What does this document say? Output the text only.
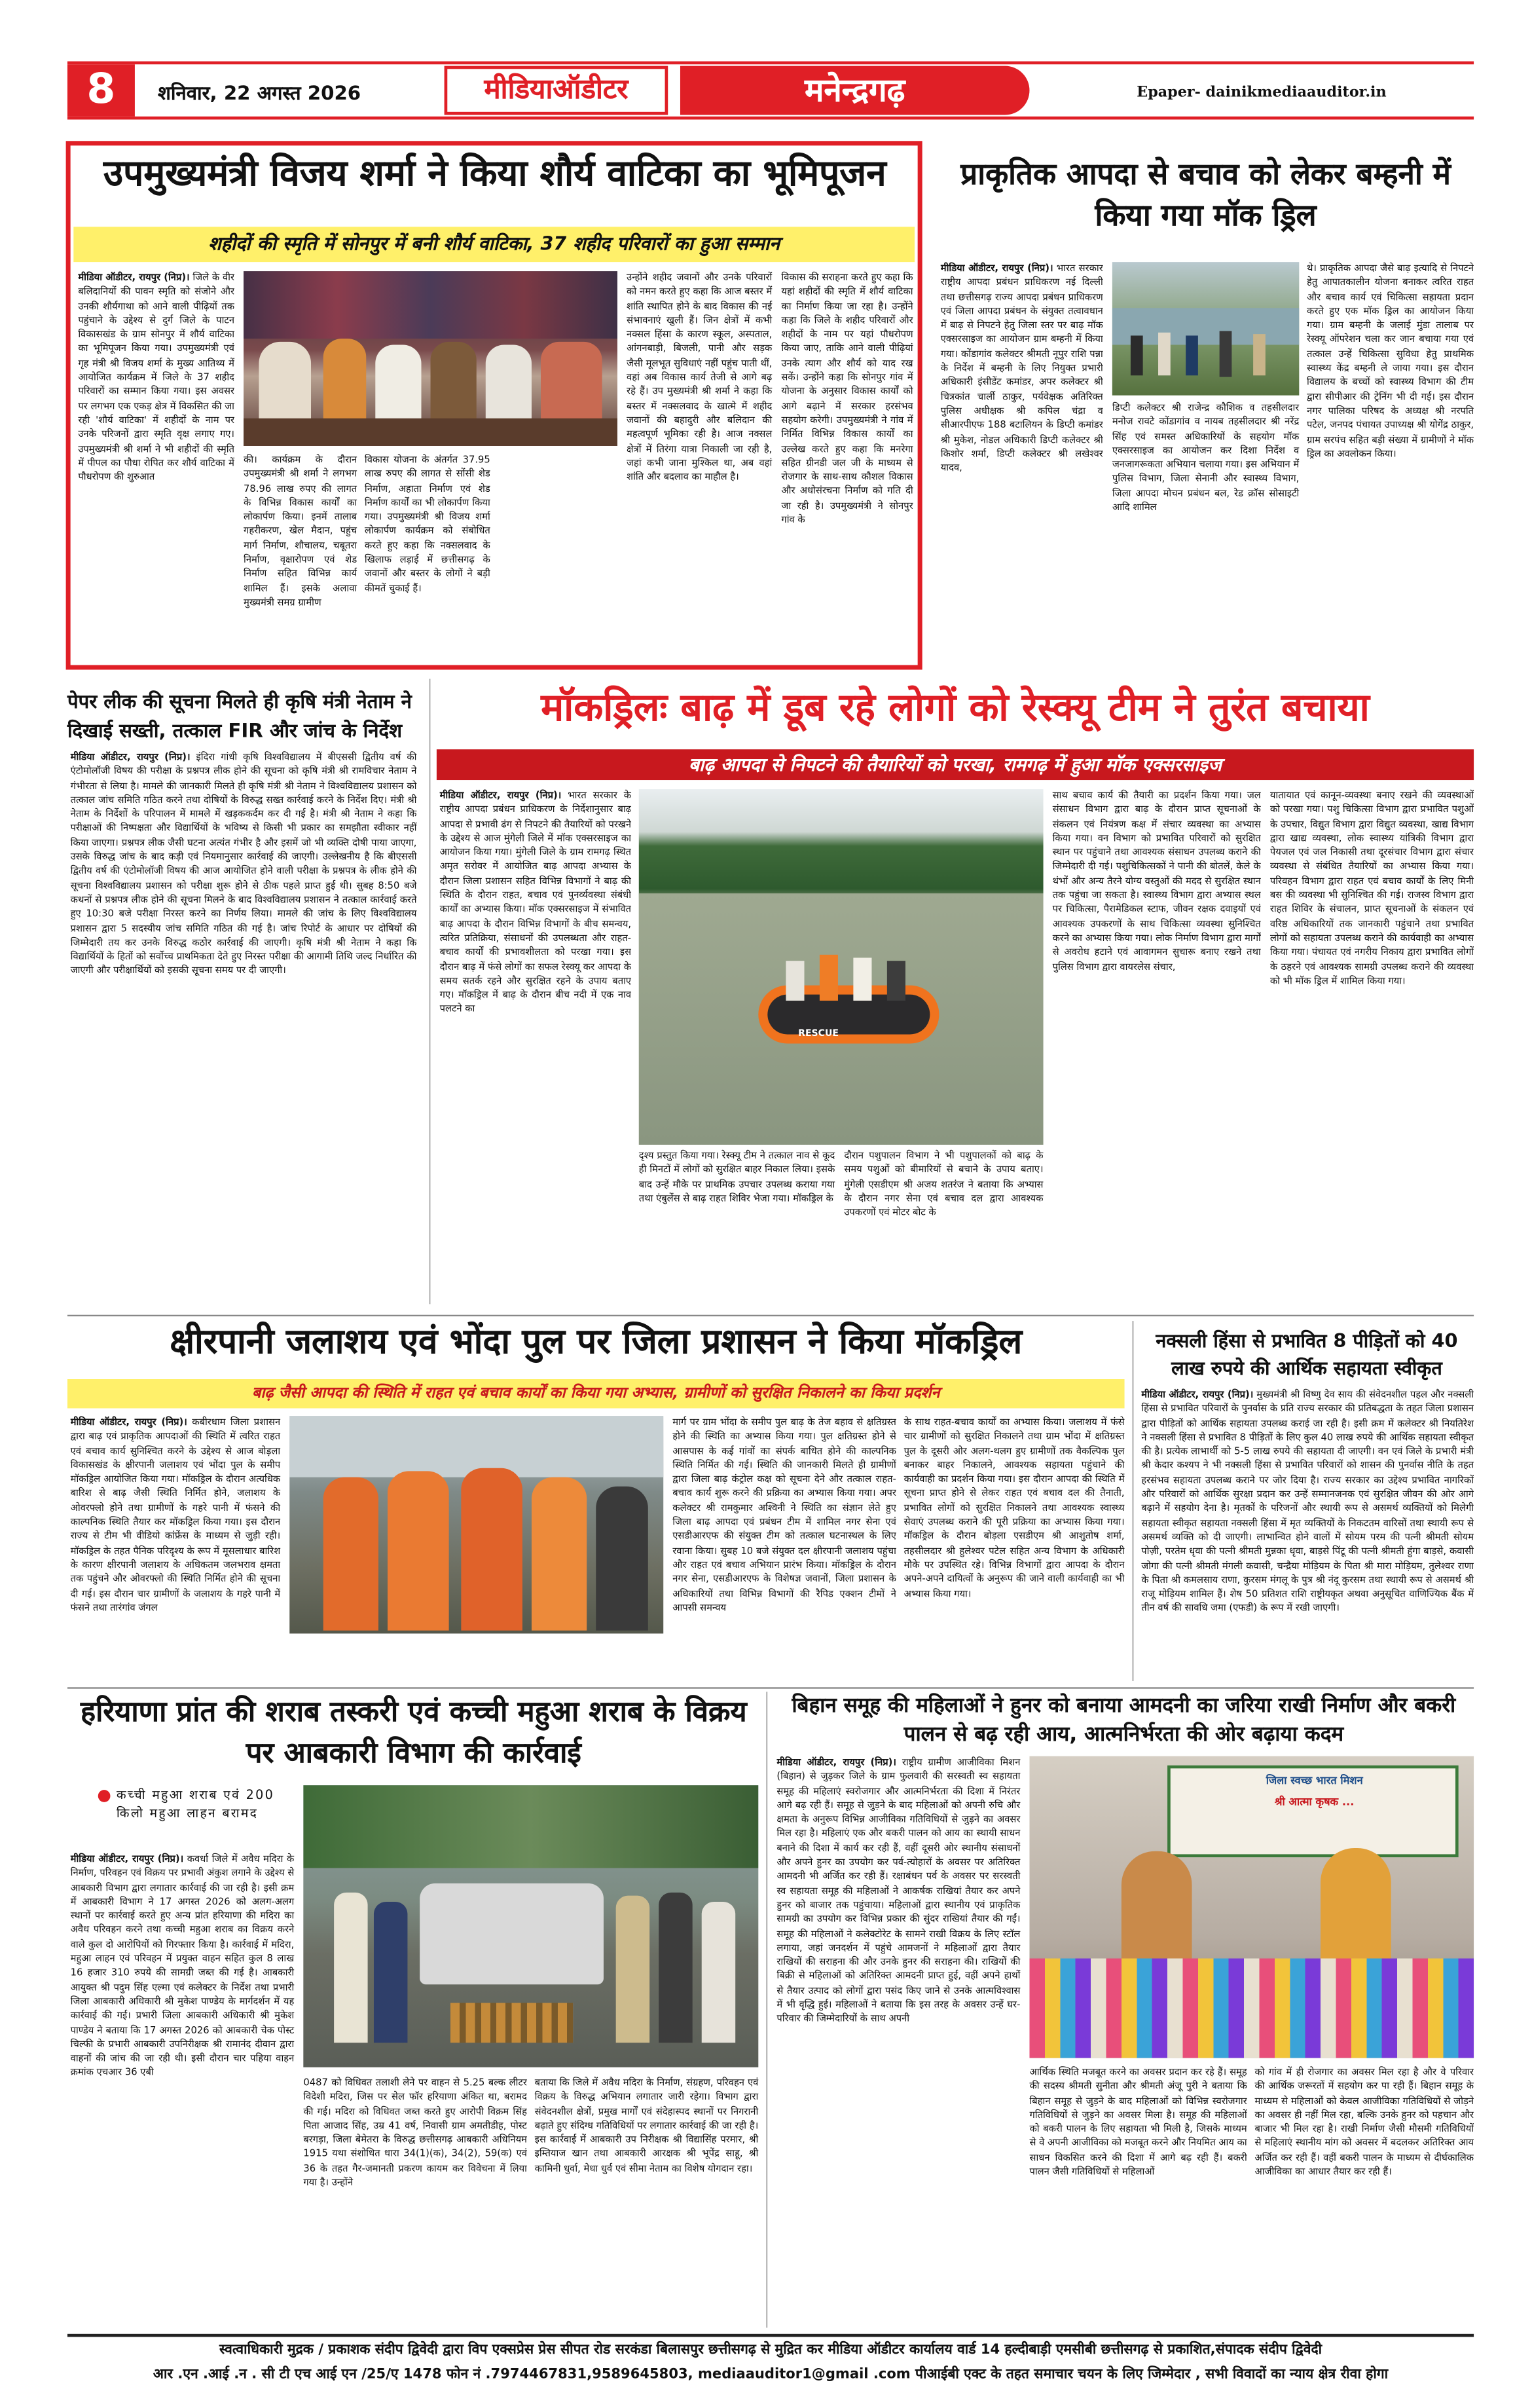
8	शनिवार, 22 अगस्त 2026	मीडियाऑडीटर	मनेन्द्रगढ़	Epaper- dainikmediaauditor.in
उपमुख्यमंत्री विजय शर्मा ने किया शौर्य वाटिका का भूमिपूजन
शहीदों की स्मृति में सोनपुर में बनी शौर्य वाटिका, 37 शहीद परिवारों का हुआ सम्मान
मीडिया ऑडीटर, रायपुर (निप्र)। जिले के वीर बलिदानियों की पावन स्मृति को संजोने और उनकी शौर्यगाथा को आने वाली पीढ़ियों तक पहुंचाने के उद्देश्य से दुर्ग जिले के पाटन विकासखंड के ग्राम सोनपुर में शौर्य वाटिका का भूमिपूजन किया गया। उपमुख्यमंत्री एवं गृह मंत्री श्री विजय शर्मा के मुख्य आतिथ्य में आयोजित कार्यक्रम में जिले के 37 शहीद परिवारों का सम्मान किया गया। इस अवसर पर लगभग एक एकड़ क्षेत्र में विकसित की जा रही 'शौर्य वाटिका' में शहीदों के नाम पर उनके परिजनों द्वारा स्मृति वृक्ष लगाए गए। उपमुख्यमंत्री श्री शर्मा ने भी शहीदों की स्मृति में पीपल का पौधा रोपित कर शौर्य वाटिका में पौधरोपण की शुरुआत
की। कार्यक्रम के दौरान उपमुख्यमंत्री श्री शर्मा ने लगभग 78.96 लाख रुपए की लागत के विभिन्न विकास कार्यों का लोकार्पण किया। इनमें तालाब गहरीकरण, खेल मैदान, पहुंच मार्ग निर्माण, शौचालय, चबूतरा निर्माण, वृक्षारोपण एवं शेड निर्माण सहित विभिन्न कार्य शामिल हैं। इसके अलावा मुख्यमंत्री समग्र ग्रामीण
विकास योजना के अंतर्गत 37.95 लाख रुपए की लागत से सोंसी शेड निर्माण, अहाता निर्माण एवं शेड निर्माण कार्यों का भी लोकार्पण किया गया। उपमुख्यमंत्री श्री विजय शर्मा लोकार्पण कार्यक्रम को संबोधित करते हुए कहा कि नक्सलवाद के खिलाफ लड़ाई में छत्तीसगढ़ के जवानों और बस्तर के लोगों ने बड़ी कीमतें चुकाई हैं।
उन्होंने शहीद जवानों और उनके परिवारों को नमन करते हुए कहा कि आज बस्तर में शांति स्थापित होने के बाद विकास की नई संभावनाएं खुली हैं। जिन क्षेत्रों में कभी नक्सल हिंसा के कारण स्कूल, अस्पताल, आंगनबाड़ी, बिजली, पानी और सड़क जैसी मूलभूत सुविधाएं नहीं पहुंच पाती थीं, वहां अब विकास कार्य तेजी से आगे बढ़ रहे हैं। उप मुख्यमंत्री श्री शर्मा ने कहा कि बस्तर में नक्सलवाद के खात्मे में शहीद जवानों की बहादुरी और बलिदान की महत्वपूर्ण भूमिका रही है। आज नक्सल क्षेत्रों में तिरंगा यात्रा निकाली जा रही है, जहां कभी जाना मुश्किल था, अब वहां शांति और बदलाव का माहौल है।
विकास की सराहना करते हुए कहा कि यहां शहीदों की स्मृति में शौर्य वाटिका का निर्माण किया जा रहा है। उन्होंने कहा कि जिले के शहीद परिवारों और शहीदों के नाम पर यहां पौधरोपण किया जाए, ताकि आने वाली पीढ़ियां उनके त्याग और शौर्य को याद रख सकें। उन्होंने कहा कि सोनपुर गांव में योजना के अनुसार विकास कार्यों को आगे बढ़ाने में सरकार हरसंभव सहयोग करेगी। उपमुख्यमंत्री ने गांव में निर्मित विभिन्न विकास कार्यों का उल्लेख करते हुए कहा कि मनरेगा सहित ग्रीनडी जल जी के माध्यम से रोजगार के साथ-साथ कौशल विकास और अधोसंरचना निर्माण को गति दी जा रही है। उपमुख्यमंत्री ने सोनपुर गांव के
प्राकृतिक आपदा से बचाव को लेकर बम्हनी में किया गया मॉक ड्रिल
मीडिया ऑडीटर, रायपुर (निप्र)। भारत सरकार राष्ट्रीय आपदा प्रबंधन प्राधिकरण नई दिल्ली तथा छत्तीसगढ़ राज्य आपदा प्रबंधन प्राधिकरण एवं जिला आपदा प्रबंधन के संयुक्त तत्वावधान में बाढ़ से निपटने हेतु जिला स्तर पर बाढ़ मॉक एक्सरसाइज का आयोजन ग्राम बम्हनी में किया गया। कोंडागांव कलेक्टर श्रीमती नूपुर राशि पन्ना के निर्देश में बम्हनी के लिए नियुक्त प्रभारी अधिकारी इंसीडेंट कमांडर, अपर कलेक्टर श्री चित्रकांत चार्ली ठाकुर, पर्यवेक्षक अतिरिक्त पुलिस अधीक्षक श्री कपिल चंद्रा व सीआरपीएफ 188 बटालियन के डिप्टी कमांडर श्री मुकेश, नोडल अधिकारी डिप्टी कलेक्टर श्री किशोर शर्मा, डिप्टी कलेक्टर श्री लखेश्वर यादव,
डिप्टी कलेक्टर श्री राजेन्द्र कौशिक व तहसीलदार मनोज रावटे कोंडागांव व नायब तहसीलदार श्री नरेंद्र सिंह एवं समस्त अधिकारियों के सहयोग मॉक एक्सरसाइज का आयोजन कर दिशा निर्देश व जनजागरूकता अभियान चलाया गया। इस अभियान में पुलिस विभाग, जिला सेनानी और स्वास्थ्य विभाग, जिला आपदा मोचन प्रबंधन बल, रेड क्रॉस सोसाइटी आदि शामिल
थे। प्राकृतिक आपदा जैसे बाढ़ इत्यादि से निपटने हेतु आपातकालीन योजना बनाकर त्वरित राहत और बचाव कार्य एवं चिकित्सा सहायता प्रदान करते हुए एक मॉक ड्रिल का आयोजन किया गया। ग्राम बम्हनी के जलाई मुंडा तालाब पर रेस्क्यू ऑपरेशन चला कर जान बचाया गया एवं तत्काल उन्हें चिकित्सा सुविधा हेतु प्राथमिक स्वास्थ्य केंद्र बम्हनी ले जाया गया। इस दौरान विद्यालय के बच्चों को स्वास्थ्य विभाग की टीम द्वारा सीपीआर की ट्रेनिंग भी दी गई। इस दौरान नगर पालिका परिषद के अध्यक्ष श्री नरपति पटेल, जनपद पंचायत उपाध्यक्ष श्री योगेंद्र ठाकुर, ग्राम सरपंच सहित बड़ी संख्या में ग्रामीणों ने मॉक ड्रिल का अवलोकन किया।
पेपर लीक की सूचना मिलते ही कृषि मंत्री नेताम ने दिखाई सख्ती, तत्काल FIR और जांच के निर्देश
मीडिया ऑडीटर, रायपुर (निप्र)। इंदिरा गांधी कृषि विश्वविद्यालय में बीएससी द्वितीय वर्ष की एंटोमोलॉजी विषय की परीक्षा के प्रश्नपत्र लीक होने की सूचना को कृषि मंत्री श्री रामविचार नेताम ने गंभीरता से लिया है। मामले की जानकारी मिलते ही कृषि मंत्री श्री नेताम ने विश्वविद्यालय प्रशासन को तत्काल जांच समिति गठित करने तथा दोषियों के विरुद्ध सख्त कार्रवाई करने के निर्देश दिए। मंत्री श्री नेताम के निर्देशों के परिपालन में मामले में खड़ककर्दम कर दी गई है। मंत्री श्री नेताम ने कहा कि परीक्षाओं की निष्पक्षता और विद्यार्थियों के भविष्य से किसी भी प्रकार का समझौता स्वीकार नहीं किया जाएगा। प्रश्नपत्र लीक जैसी घटना अत्यंत गंभीर है और इसमें जो भी व्यक्ति दोषी पाया जाएगा, उसके विरुद्ध जांच के बाद कड़ी एवं नियमानुसार कार्रवाई की जाएगी। उल्लेखनीय है कि बीएससी द्वितीय वर्ष की एंटोमोलॉजी विषय की आज आयोजित होने वाली परीक्षा के प्रश्नपत्र के लीक होने की सूचना विश्वविद्यालय प्रशासन को परीक्षा शुरू होने से ठीक पहले प्राप्त हुई थी। सुबह 8:50 बजे कथनों से प्रश्नपत्र लीक होने की सूचना मिलने के बाद विश्वविद्यालय प्रशासन ने तत्काल कार्रवाई करते हुए 10:30 बजे परीक्षा निरस्त करने का निर्णय लिया। मामले की जांच के लिए विश्वविद्यालय प्रशासन द्वारा 5 सदस्यीय जांच समिति गठित की गई है। जांच रिपोर्ट के आधार पर दोषियों की जिम्मेदारी तय कर उनके विरुद्ध कठोर कार्रवाई की जाएगी। कृषि मंत्री श्री नेताम ने कहा कि विद्यार्थियों के हितों को सर्वोच्च प्राथमिकता देते हुए निरस्त परीक्षा की आगामी तिथि जल्द निर्धारित की जाएगी और परीक्षार्थियों को इसकी सूचना समय पर दी जाएगी।
मॉकड्रिलः बाढ़ में डूब रहे लोगों को रेस्क्यू टीम ने तुरंत बचाया
बाढ़ आपदा से निपटने की तैयारियों को परखा, रामगढ़ में हुआ मॉक एक्सरसाइज
मीडिया ऑडीटर, रायपुर (निप्र)। भारत सरकार के राष्ट्रीय आपदा प्रबंधन प्राधिकरण के निर्देशानुसार बाढ़ आपदा से प्रभावी ढंग से निपटने की तैयारियों को परखने के उद्देश्य से आज मुंगेली जिले में मॉक एक्सरसाइज का आयोजन किया गया। मुंगेली जिले के ग्राम रामगढ़ स्थित अमृत सरोवर में आयोजित बाढ़ आपदा अभ्यास के दौरान जिला प्रशासन सहित विभिन्न विभागों ने बाढ़ की स्थिति के दौरान राहत, बचाव एवं पुनर्व्यवस्था संबंधी कार्यों का अभ्यास किया। मॉक एक्सरसाइज में संभावित बाढ़ आपदा के दौरान विभिन्न विभागों के बीच समन्वय, त्वरित प्रतिक्रिया, संसाधनों की उपलब्धता और राहत-बचाव कार्यों की प्रभावशीलता को परखा गया। इस दौरान बाढ़ में फंसे लोगों का सफल रेस्क्यू कर आपदा के समय सतर्क रहने और सुरक्षित रहने के उपाय बताए गए। मॉकड्रिल में बाढ़ के दौरान बीच नदी में एक नाव पलटने का
RESCUE
दृश्य प्रस्तुत किया गया। रेस्क्यू टीम ने तत्काल नाव से कूद ही मिनटों में लोगों को सुरक्षित बाहर निकाल लिया। इसके बाद उन्हें मौके पर प्राथमिक उपचार उपलब्ध कराया गया तथा एंबुलेंस से बाढ़ राहत शिविर भेजा गया। मॉकड्रिल के
दौरान पशुपालन विभाग ने भी पशुपालकों को बाढ़ के समय पशुओं को बीमारियों से बचाने के उपाय बताए। मुंगेली एसडीएम श्री अजय शतरंज ने बताया कि अभ्यास के दौरान नगर सेना एवं बचाव दल द्वारा आवश्यक उपकरणों एवं मोटर बोट के
साथ बचाव कार्य की तैयारी का प्रदर्शन किया गया। जल संसाधन विभाग द्वारा बाढ़ के दौरान प्राप्त सूचनाओं के संकलन एवं नियंत्रण कक्ष में संचार व्यवस्था का अभ्यास किया गया। वन विभाग को प्रभावित परिवारों को सुरक्षित स्थान पर पहुंचाने तथा आवश्यक संसाधन उपलब्ध कराने की जिम्मेदारी दी गई। पशुचिकित्सकों ने पानी की बोतलें, केले के थंभों और अन्य तैरने योग्य वस्तुओं की मदद से सुरक्षित स्थान तक पहुंचा जा सकता है। स्वास्थ्य विभाग द्वारा अभ्यास स्थल पर चिकित्सा, पैरामेडिकल स्टाफ, जीवन रक्षक दवाइयों एवं आवश्यक उपकरणों के साथ चिकित्सा व्यवस्था सुनिश्चित करने का अभ्यास किया गया। लोक निर्माण विभाग द्वारा मार्गों से अवरोध हटाने एवं आवागमन सुचारू बनाए रखने तथा पुलिस विभाग द्वारा वायरलेस संचार,
यातायात एवं कानून-व्यवस्था बनाए रखने की व्यवस्थाओं को परखा गया। पशु चिकित्सा विभाग द्वारा प्रभावित पशुओं के उपचार, विद्युत विभाग द्वारा विद्युत व्यवस्था, खाद्य विभाग द्वारा खाद्य व्यवस्था, लोक स्वास्थ्य यांत्रिकी विभाग द्वारा पेयजल एवं जल निकासी तथा दूरसंचार विभाग द्वारा संचार व्यवस्था से संबंधित तैयारियों का अभ्यास किया गया। परिवहन विभाग द्वारा राहत एवं बचाव कार्यों के लिए मिनी बस की व्यवस्था भी सुनिश्चित की गई। राजस्व विभाग द्वारा राहत शिविर के संचालन, प्राप्त सूचनाओं के संकलन एवं वरिष्ठ अधिकारियों तक जानकारी पहुंचाने तथा प्रभावित लोगों को सहायता उपलब्ध कराने की कार्यवाही का अभ्यास किया गया। पंचायत एवं नगरीय निकाय द्वारा प्रभावित लोगों के ठहरने एवं आवश्यक सामग्री उपलब्ध कराने की व्यवस्था को भी मॉक ड्रिल में शामिल किया गया।
क्षीरपानी जलाशय एवं भोंदा पुल पर जिला प्रशासन ने किया मॉकड्रिल
बाढ़ जैसी आपदा की स्थिति में राहत एवं बचाव कार्यों का किया गया अभ्यास, ग्रामीणों को सुरक्षित निकालने का किया प्रदर्शन
मीडिया ऑडीटर, रायपुर (निप्र)। कबीरधाम जिला प्रशासन द्वारा बाढ़ एवं प्राकृतिक आपदाओं की स्थिति में त्वरित राहत एवं बचाव कार्य सुनिश्चित करने के उद्देश्य से आज बोड़ला विकासखंड के क्षीरपानी जलाशय एवं भोंदा पुल के समीप मॉकड्रिल आयोजित किया गया। मॉकड्रिल के दौरान अत्यधिक बारिश से बाढ़ जैसी स्थिति निर्मित होने, जलाशय के ओवरफ्लो होने तथा ग्रामीणों के गहरे पानी में फंसने की काल्पनिक स्थिति तैयार कर मॉकड्रिल किया गया। इस दौरान राज्य से टीम भी वीडियो कांफ्रेंस के माध्यम से जुड़ी रही। मॉकड्रिल के तहत पैनिक परिदृश्य के रूप में मूसलाधार बारिश के कारण क्षीरपानी जलाशय के अधिकतम जलभराव क्षमता तक पहुंचने और ओवरफ्लो की स्थिति निर्मित होने की सूचना दी गई। इस दौरान चार ग्रामीणों के जलाशय के गहरे पानी में फंसने तथा तारंगांव जंगल
मार्ग पर ग्राम भोंदा के समीप पुल बाढ़ के तेज बहाव से क्षतिग्रस्त होने की स्थिति का अभ्यास किया गया। पुल क्षतिग्रस्त होने से आसपास के कई गांवों का संपर्क बाधित होने की काल्पनिक स्थिति निर्मित की गई। स्थिति की जानकारी मिलते ही ग्रामीणों द्वारा जिला बाढ़ कंट्रोल कक्ष को सूचना देने और तत्काल राहत-बचाव कार्य शुरू करने की प्रक्रिया का अभ्यास किया गया। अपर कलेक्टर श्री रामकुमार अश्विनी ने स्थिति का संज्ञान लेते हुए जिला बाढ़ आपदा एवं प्रबंधन टीम में शामिल नगर सेना एवं एसडीआरएफ की संयुक्त टीम को तत्काल घटनास्थल के लिए रवाना किया। सुबह 10 बजे संयुक्त दल क्षीरपानी जलाशय पहुंचा और राहत एवं बचाव अभियान प्रारंभ किया। मॉकड्रिल के दौरान नगर सेना, एसडीआरएफ के विशेषज्ञ जवानों, जिला प्रशासन के अधिकारियों तथा विभिन्न विभागों की रैपिड एक्शन टीमों ने आपसी समन्वय
के साथ राहत-बचाव कार्यों का अभ्यास किया। जलाशय में फंसे चार ग्रामीणों को सुरक्षित निकालने तथा ग्राम भोंदा में क्षतिग्रस्त पुल के दूसरी ओर अलग-थलग हुए ग्रामीणों तक वैकल्पिक पुल बनाकर बाहर निकालने, आवश्यक सहायता पहुंचाने की कार्यवाही का प्रदर्शन किया गया। इस दौरान आपदा की स्थिति में सूचना प्राप्त होने से लेकर राहत एवं बचाव दल की तैनाती, प्रभावित लोगों को सुरक्षित निकालने तथा आवश्यक स्वास्थ्य सेवाएं उपलब्ध कराने की पूरी प्रक्रिया का अभ्यास किया गया। मॉकड्रिल के दौरान बोड़ला एसडीएम श्री आशुतोष शर्मा, तहसीलदार श्री हुलेश्वर पटेल सहित अन्य विभाग के अधिकारी मौके पर उपस्थित रहे। विभिन्न विभागों द्वारा आपदा के दौरान अपने-अपने दायित्वों के अनुरूप की जाने वाली कार्यवाही का भी अभ्यास किया गया।
नक्सली हिंसा से प्रभावित 8 पीड़ितों को 40 लाख रुपये की आर्थिक सहायता स्वीकृत
मीडिया ऑडीटर, रायपुर (निप्र)। मुख्यमंत्री श्री विष्णु देव साय की संवेदनशील पहल और नक्सली हिंसा से प्रभावित परिवारों के पुनर्वास के प्रति राज्य सरकार की प्रतिबद्धता के तहत जिला प्रशासन द्वारा पीड़ितों को आर्थिक सहायता उपलब्ध कराई जा रही है। इसी क्रम में कलेक्टर श्री नियतिरेश ने नक्सली हिंसा से प्रभावित 8 पीड़ितों के लिए कुल 40 लाख रुपये की आर्थिक सहायता स्वीकृत की है। प्रत्येक लाभार्थी को 5-5 लाख रुपये की सहायता दी जाएगी। वन एवं जिले के प्रभारी मंत्री श्री केदार कश्यप ने भी नक्सली हिंसा से प्रभावित परिवारों को शासन की पुनर्वास नीति के तहत हरसंभव सहायता उपलब्ध कराने पर जोर दिया है। राज्य सरकार का उद्देश्य प्रभावित नागरिकों और परिवारों को आर्थिक सुरक्षा प्रदान कर उन्हें सम्मानजनक एवं सुरक्षित जीवन की ओर आगे बढ़ाने में सहयोग देना है। मृतकों के परिजनों और स्थायी रूप से असमर्थ व्यक्तियों को मिलेगी सहायता स्वीकृत सहायता नक्सली हिंसा में मृत व्यक्तियों के निकटतम वारिसों तथा स्थायी रूप से असमर्थ व्यक्ति को दी जाएगी। लाभान्वित होने वालों में सोयम परम की पत्नी श्रीमती सोयम पोज़ी, परतेम धृवा की पत्नी श्रीमती मुन्नका धृवा, बाड़से पिंटू की पत्नी श्रीमती हुंगा बाड़से, कवासी जोगा की पत्नी श्रीमती मंगली कवासी, चन्द्रैया मोड़ियम के पिता श्री मारा मोड़ियम, तुलेश्वर राणा के पिता श्री कमलसाय राणा, कुरसम मंगलू के पुत्र श्री नंदू कुरसम तथा स्थायी रूप से असमर्थ श्री राजू मोड़ियम शामिल हैं। शेष 50 प्रतिशत राशि राष्ट्रीयकृत अथवा अनुसूचित वाणिज्यिक बैंक में तीन वर्ष की सावधि जमा (एफडी) के रूप में रखी जाएगी।
हरियाणा प्रांत की शराब तस्करी एवं कच्ची महुआ शराब के विक्रय पर आबकारी विभाग की कार्रवाई
कच्ची महुआ शराब एवं 200 किलो महुआ लाहन बरामद
मीडिया ऑडीटर, रायपुर (निप्र)। कवर्धा जिले में अवैध मदिरा के निर्माण, परिवहन एवं विक्रय पर प्रभावी अंकुश लगाने के उद्देश्य से आबकारी विभाग द्वारा लगातार कार्रवाई की जा रही है। इसी क्रम में आबकारी विभाग ने 17 अगस्त 2026 को अलग-अलग स्थानों पर कार्रवाई करते हुए अन्य प्रांत हरियाणा की मदिरा का अवैध परिवहन करने तथा कच्ची महुआ शराब का विक्रय करने वाले कुल दो आरोपियों को गिरफ्तार किया है। कार्रवाई में मदिरा, महुआ लाहन एवं परिवहन में प्रयुक्त वाहन सहित कुल 8 लाख 16 हजार 310 रुपये की सामग्री जब्त की गई है। आबकारी आयुक्त श्री पदुम सिंह एल्मा एवं कलेक्टर के निर्देश तथा प्रभारी जिला आबकारी अधिकारी श्री मुकेश पाण्डेय के मार्गदर्शन में यह कार्रवाई की गई। प्रभारी जिला आबकारी अधिकारी श्री मुकेश पाण्डेय ने बताया कि 17 अगस्त 2026 को आबकारी चेक पोस्ट चिल्फी के प्रभारी आबकारी उपनिरीक्षक श्री रामानंद दीवान द्वारा वाहनों की जांच की जा रही थी। इसी दौरान चार पहिया वाहन क्रमांक एचआर 36 एबी
0487 को विधिवत तलाशी लेने पर वाहन से 5.25 बल्क लीटर विदेशी मदिरा, जिस पर सेल फॉर हरियाणा अंकित था, बरामद की गई। मदिरा को विधिवत जब्त करते हुए आरोपी विक्रम सिंह पिता आजाद सिंह, उम्र 41 वर्ष, निवासी ग्राम अमतीडीह, पोस्ट बरगड़ा, जिला बेमेतरा के विरुद्ध छत्तीसगढ़ आबकारी अधिनियम 1915 यथा संशोधित धारा 34(1)(क), 34(2), 59(क) एवं 36 के तहत गैर-जमानती प्रकरण कायम कर विवेचना में लिया गया है। उन्होंने
बताया कि जिले में अवैध मदिरा के निर्माण, संग्रहण, परिवहन एवं विक्रय के विरुद्ध अभियान लगातार जारी रहेगा। विभाग द्वारा संवेदनशील क्षेत्रों, प्रमुख मार्गों एवं संदेहास्पद स्थानों पर निगरानी बढ़ाते हुए संदिग्ध गतिविधियों पर लगातार कार्रवाई की जा रही है। इस कार्रवाई में आबकारी उप निरीक्षक श्री विद्यासिंह परमार, श्री इम्तियाज खान तथा आबकारी आरक्षक श्री भूपेंद्र साहू, श्री कामिनी धुर्वा, मेधा धुर्व एवं सीमा नेताम का विशेष योगदान रहा।
बिहान समूह की महिलाओं ने हुनर को बनाया आमदनी का जरिया राखी निर्माण और बकरी पालन से बढ़ रही आय, आत्मनिर्भरता की ओर बढ़ाया कदम
मीडिया ऑडीटर, रायपुर (निप्र)। राष्ट्रीय ग्रामीण आजीविका मिशन (बिहान) से जुड़कर जिले के ग्राम फुलवारी की सरस्वती स्व सहायता समूह की महिलाएं स्वरोजगार और आत्मनिर्भरता की दिशा में निरंतर आगे बढ़ रही हैं। समूह से जुड़ने के बाद महिलाओं को अपनी रुचि और क्षमता के अनुरूप विभिन्न आजीविका गतिविधियों से जुड़ने का अवसर मिल रहा है। महिलाएं एक और बकरी पालन को आय का स्थायी साधन बनाने की दिशा में कार्य कर रही हैं, वहीं दूसरी ओर स्थानीय संसाधनों और अपने हुनर का उपयोग कर पर्व-त्योहारों के अवसर पर अतिरिक्त आमदनी भी अर्जित कर रही हैं। रक्षाबंधन पर्व के अवसर पर सरस्वती स्व सहायता समूह की महिलाओं ने आकर्षक राखियां तैयार कर अपने हुनर को बाजार तक पहुंचाया। महिलाओं द्वारा स्थानीय एवं प्राकृतिक सामग्री का उपयोग कर विभिन्न प्रकार की सुंदर राखियां तैयार की गईं। समूह की महिलाओं ने कलेक्टोरेट के सामने राखी विक्रय के लिए स्टॉल लगाया, जहां जनदर्शन में पहुंचे आमजनों ने महिलाओं द्वारा तैयार राखियों की सराहना की और उनके हुनर की सराहना की। राखियों की बिक्री से महिलाओं को अतिरिक्त आमदनी प्राप्त हुई, वहीं अपने हाथों से तैयार उत्पाद को लोगों द्वारा पसंद किए जाने से उनके आत्मविश्वास में भी वृद्धि हुई। महिलाओं ने बताया कि इस तरह के अवसर उन्हें घर-परिवार की जिम्मेदारियों के साथ अपनी
जिला स्वच्छ भारत मिशन
श्री आत्मा कृषक ...
आर्थिक स्थिति मजबूत करने का अवसर प्रदान कर रहे हैं। समूह की सदस्य श्रीमती सुनीता और श्रीमती अंजू पुरी ने बताया कि बिहान समूह से जुड़ने के बाद महिलाओं को विभिन्न स्वरोजगार गतिविधियों से जुड़ने का अवसर मिला है। समूह की महिलाओं को बकरी पालन के लिए सहायता भी मिली है, जिसके माध्यम से वे अपनी आजीविका को मजबूत करने और नियमित आय का साधन विकसित करने की दिशा में आगे बढ़ रही हैं। बकरी पालन जैसी गतिविधियों से महिलाओं
को गांव में ही रोजगार का अवसर मिल रहा है और वे परिवार की आर्थिक जरूरतों में सहयोग कर पा रही हैं। बिहान समूह के माध्यम से महिलाओं को केवल आजीविका गतिविधियों से जोड़ने का अवसर ही नहीं मिल रहा, बल्कि उनके हुनर को पहचान और बाजार भी मिल रहा है। राखी निर्माण जैसी मौसमी गतिविधियों से महिलाएं स्थानीय मांग को अवसर में बदलकर अतिरिक्त आय अर्जित कर रही हैं। वहीं बकरी पालन के माध्यम से दीर्घकालिक आजीविका का आधार तैयार कर रही हैं।
स्वत्वाधिकारी मुद्रक / प्रकाशक संदीप द्विवेदी द्वारा विप एक्सप्रेस प्रेस सीपत रोड सरकंडा बिलासपुर छत्तीसगढ़ से मुद्रित कर मीडिया ऑडीटर कार्यालय वार्ड 14 हल्दीबाड़ी एमसीबी छत्तीसगढ़ से प्रकाशित,संपादक संदीप द्विवेदी
आर .एन .आई .न . सी टी एच आई एन /25/ए 1478 फोन नं .7974467831,9589645803, mediaauditor1@gmail .com पीआईबी एक्ट के तहत समाचार चयन के लिए जिम्मेदार , सभी विवादों का न्याय क्षेत्र रीवा होगा
